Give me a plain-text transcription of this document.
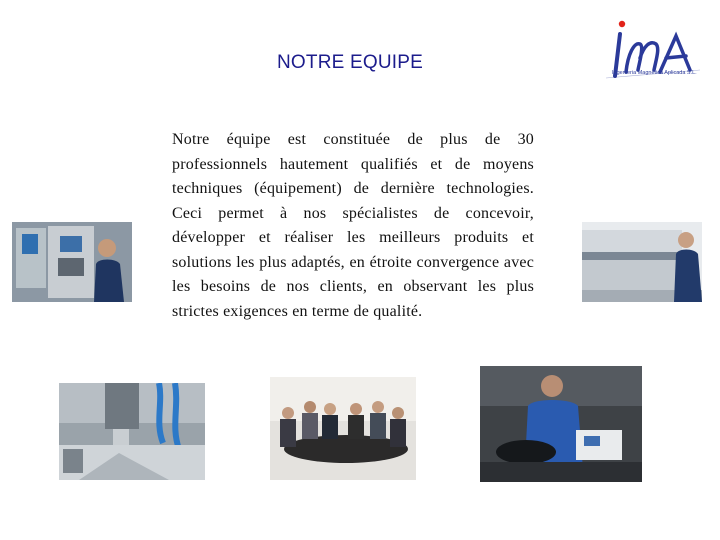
NOTRE EQUIPE	Ingenieria Magnética Aplicada S.L.
Notre équipe est constituée de plus de 30 professionnels hautement qualifiés et de moyens techniques (équipement) de dernière technologies. Ceci permet à nos spécialistes de concevoir, développer et réaliser les meilleurs produits et solutions les plus adaptés, en étroite convergence avec les besoins de nos clients, en observant les plus strictes exigences en terme de qualité.
